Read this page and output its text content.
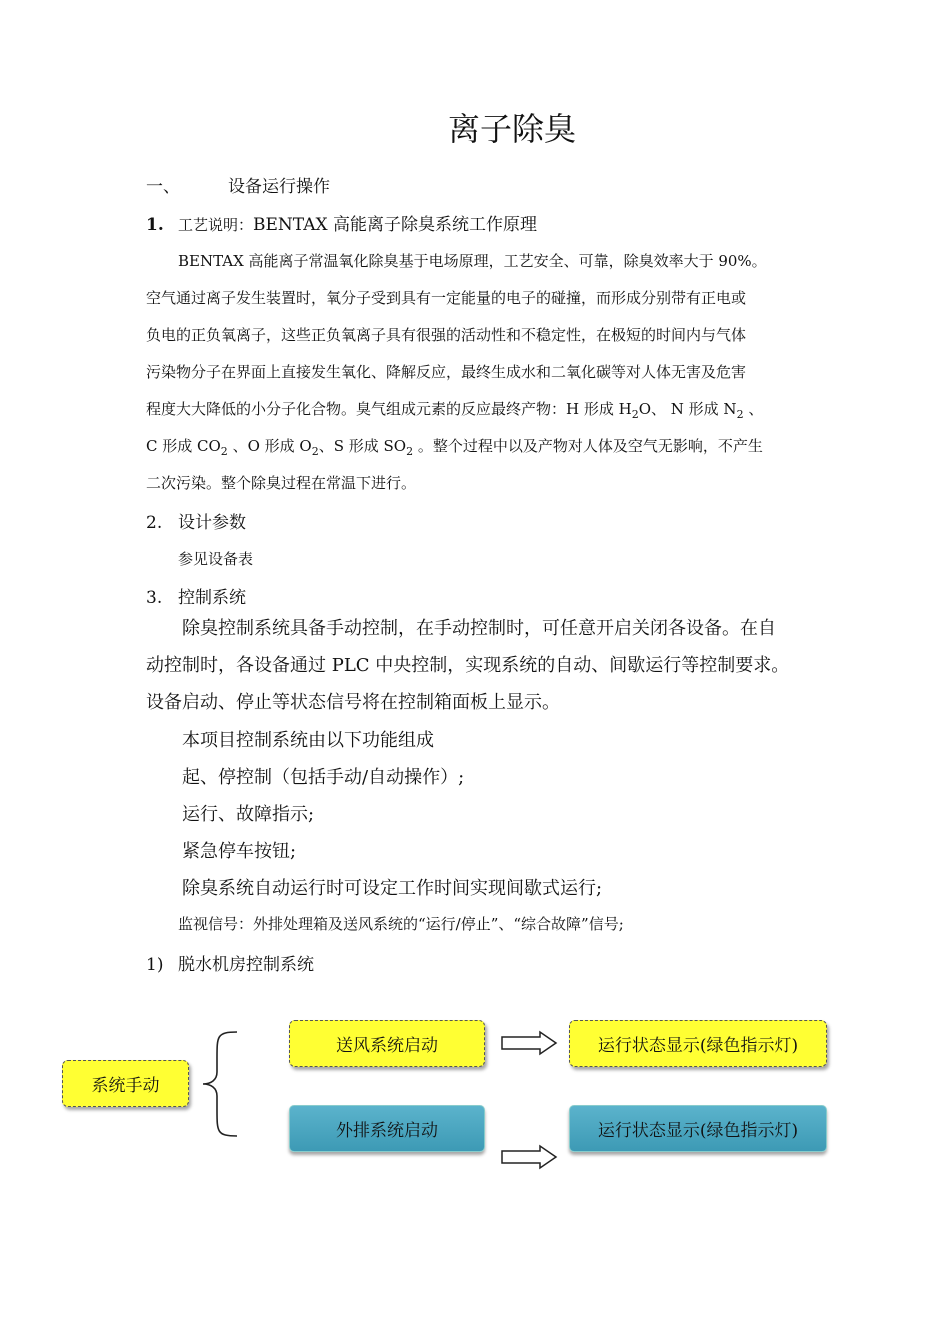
离子除臭
一、	设备运行操作
1. 工艺说明：BENTAX 高能离子除臭系统工作原理
BENTAX 高能离子常温氧化除臭基于电场原理，工艺安全、可靠，除臭效率大于 90%。
空气通过离子发生装置时，氧分子受到具有一定能量的电子的碰撞，而形成分别带有正电或
负电的正负氧离子，这些正负氧离子具有很强的活动性和不稳定性，在极短的时间内与气体
污染物分子在界面上直接发生氧化、降解反应，最终生成水和二氧化碳等对人体无害及危害
程度大大降低的小分子化合物。臭气组成元素的反应最终产物：H 形成 $H_2O$、 N 形成 $N_2$ 、
C 形成 $CO_2$ 、O 形成 $O_2$、S 形成 $SO_2$ 。整个过程中以及产物对人体及空气无影响，不产生
二次污染。整个除臭过程在常温下进行。
2. 设计参数
参见设备表
3. 控制系统
除臭控制系统具备手动控制，在手动控制时，可任意开启关闭各设备。在自
动控制时，各设备通过 PLC 中央控制，实现系统的自动、间歇运行等控制要求。
设备启动、停止等状态信号将在控制箱面板上显示。
本项目控制系统由以下功能组成
起、停控制（包括手动/自动操作）;
运行、故障指示;
紧急停车按钮;
除臭系统自动运行时可设定工作时间实现间歇式运行;
监视信号：外排处理箱及送风系统的“运行/停止”、“综合故障”信号;
1) 脱水机房控制系统
系统手动
送风系统启动
外排系统启动
运行状态显示(绿色指示灯)
运行状态显示(绿色指示灯)
